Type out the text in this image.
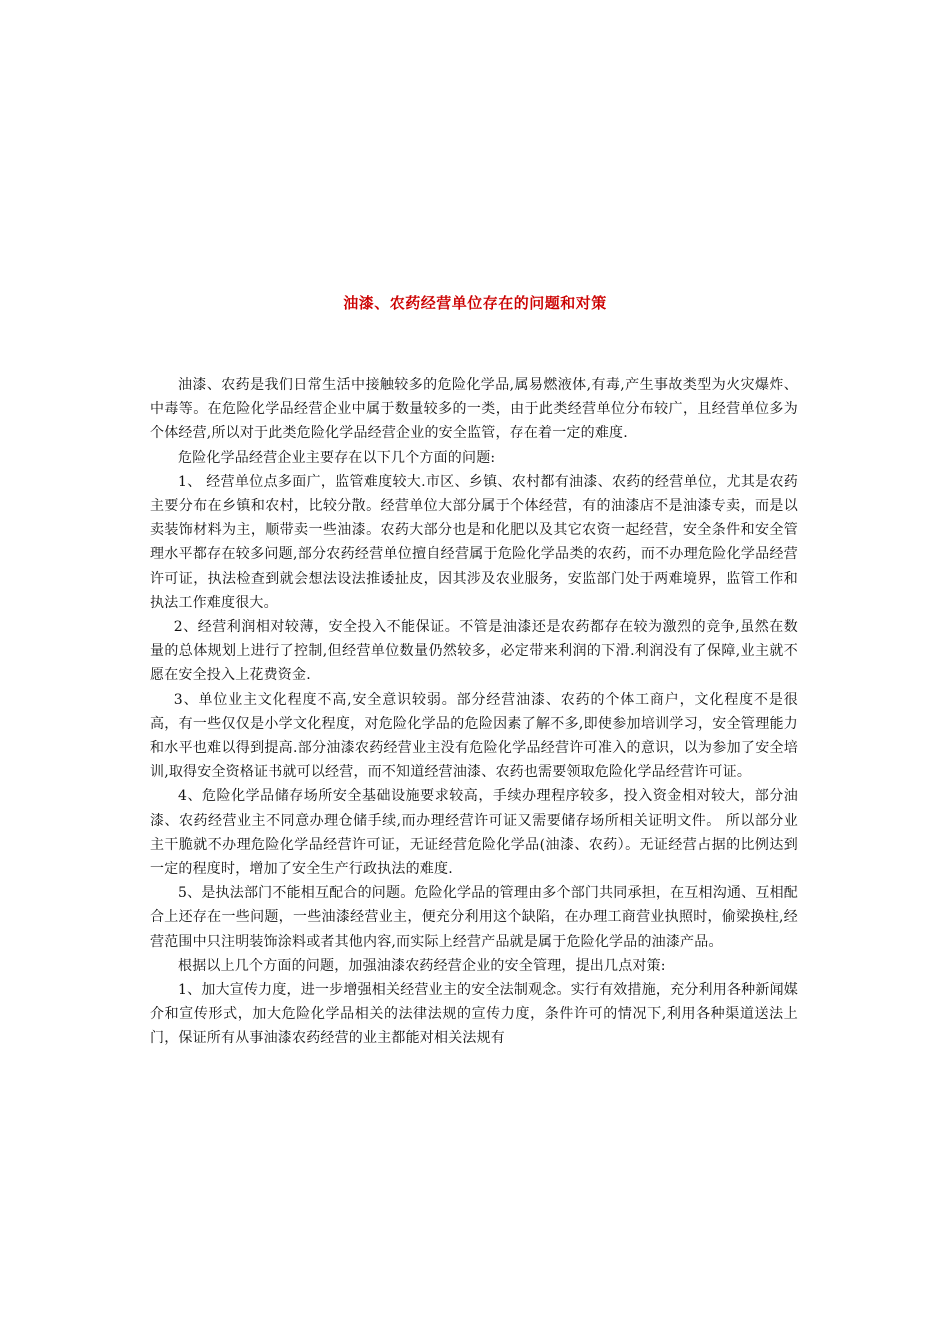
油漆、农药经营单位存在的问题和对策

油漆、农药是我们日常生活中接触较多的危险化学品,属易燃液体,有毒,产生事故类型为火灾爆炸、中毒等。在危险化学品经营企业中属于数量较多的一类，由于此类经营单位分布较广，且经营单位多为个体经营,所以对于此类危险化学品经营企业的安全监管，存在着一定的难度.

危险化学品经营企业主要存在以下几个方面的问题:

1、 经营单位点多面广，监管难度较大.市区、乡镇、农村都有油漆、农药的经营单位，尤其是农药主要分布在乡镇和农村，比较分散。经营单位大部分属于个体经营，有的油漆店不是油漆专卖，而是以卖装饰材料为主，顺带卖一些油漆。农药大部分也是和化肥以及其它农资一起经营，安全条件和安全管理水平都存在较多问题,部分农药经营单位擅自经营属于危险化学品类的农药，而不办理危险化学品经营许可证，执法检查到就会想法设法推诿扯皮，因其涉及农业服务，安监部门处于两难境界，监管工作和执法工作难度很大。

2、经营利润相对较薄，安全投入不能保证。不管是油漆还是农药都存在较为激烈的竞争,虽然在数量的总体规划上进行了控制,但经营单位数量仍然较多，必定带来利润的下滑.利润没有了保障,业主就不愿在安全投入上花费资金.

3、单位业主文化程度不高,安全意识较弱。部分经营油漆、农药的个体工商户，文化程度不是很高，有一些仅仅是小学文化程度，对危险化学品的危险因素了解不多,即使参加培训学习，安全管理能力和水平也难以得到提高.部分油漆农药经营业主没有危险化学品经营许可准入的意识，以为参加了安全培训,取得安全资格证书就可以经营，而不知道经营油漆、农药也需要领取危险化学品经营许可证。

4、危险化学品储存场所安全基础设施要求较高，手续办理程序较多，投入资金相对较大，部分油漆、农药经营业主不同意办理仓储手续,而办理经营许可证又需要储存场所相关证明文件。 所以部分业主干脆就不办理危险化学品经营许可证，无证经营危险化学品(油漆、农药）。无证经营占据的比例达到一定的程度时，增加了安全生产行政执法的难度.

5、是执法部门不能相互配合的问题。危险化学品的管理由多个部门共同承担，在互相沟通、互相配合上还存在一些问题，一些油漆经营业主，便充分利用这个缺陷，在办理工商营业执照时，偷梁换柱,经营范围中只注明装饰涂料或者其他内容,而实际上经营产品就是属于危险化学品的油漆产品。

根据以上几个方面的问题，加强油漆农药经营企业的安全管理，提出几点对策:

1、加大宣传力度，进一步增强相关经营业主的安全法制观念。实行有效措施，充分利用各种新闻媒介和宣传形式，加大危险化学品相关的法律法规的宣传力度，条件许可的情况下,利用各种渠道送法上门，保证所有从事油漆农药经营的业主都能对相关法规有
